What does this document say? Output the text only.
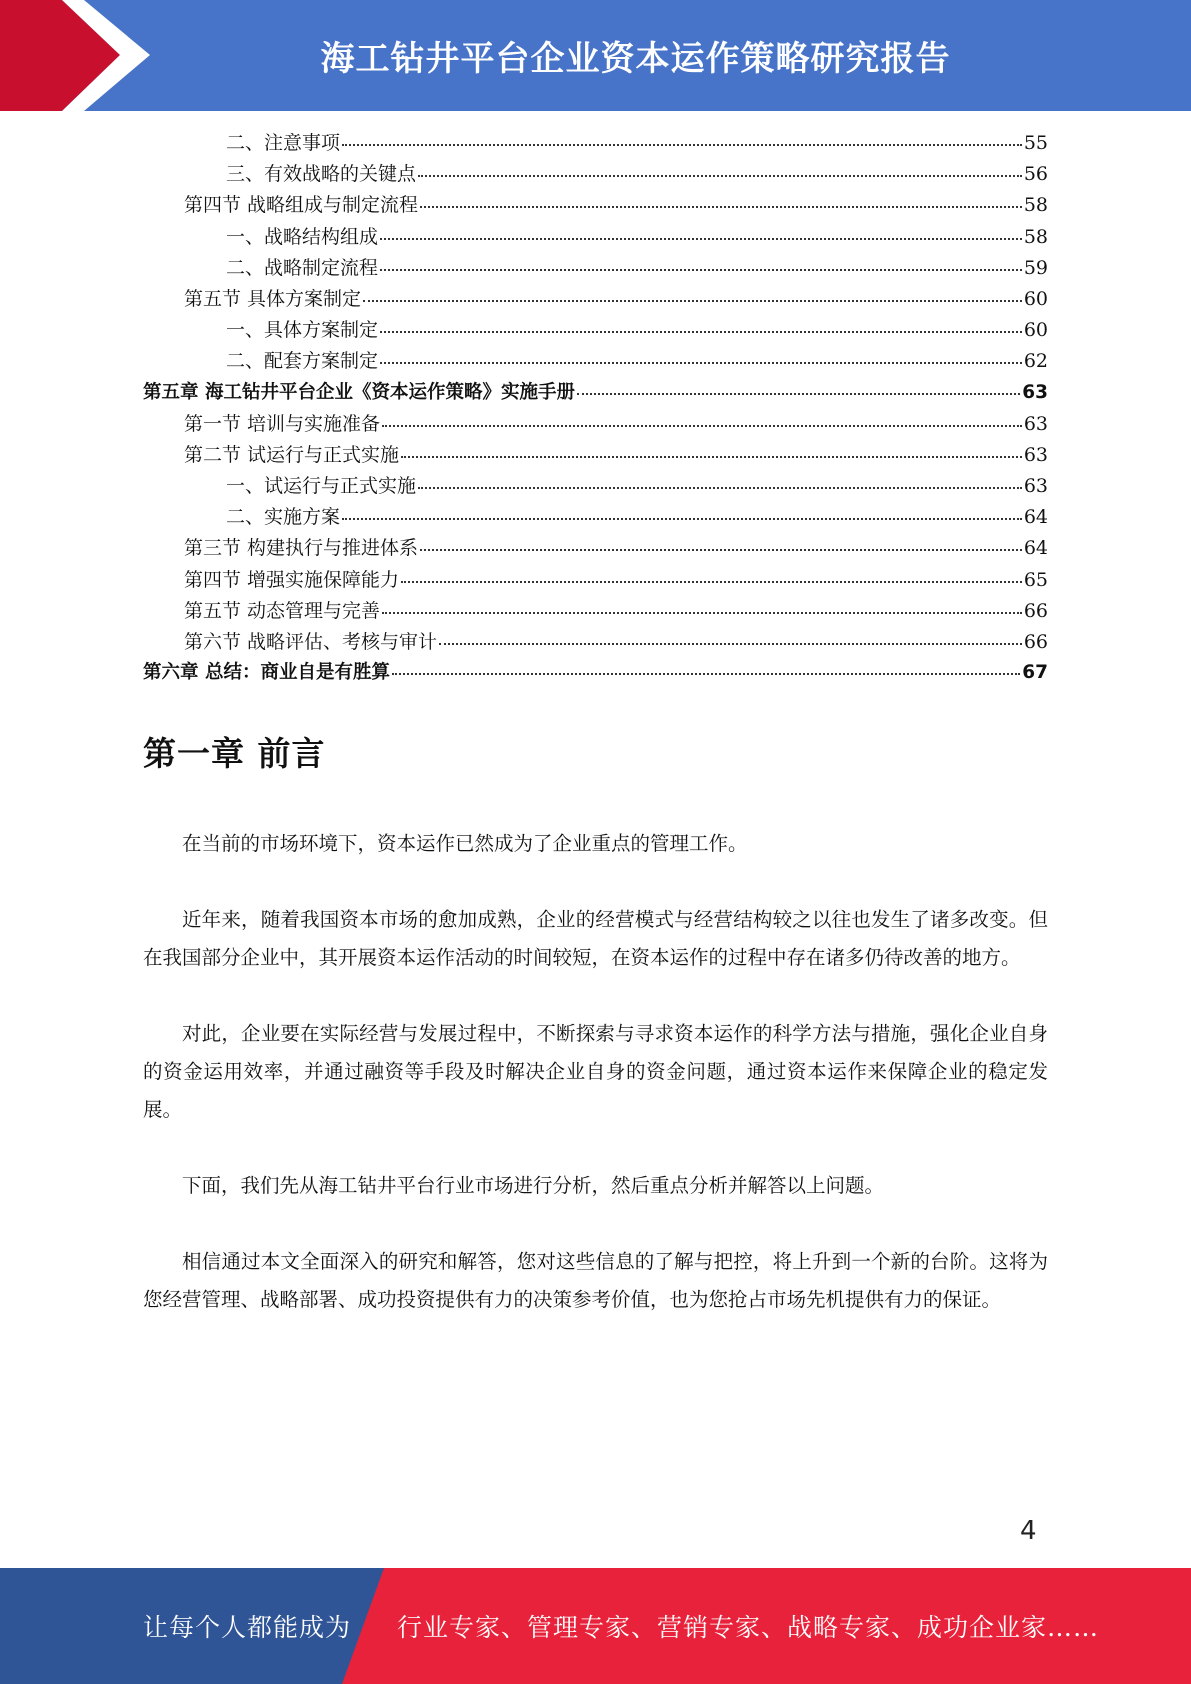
海工钻井平台企业资本运作策略研究报告
二、注意事项	55
三、有效战略的关键点	56
第四节 战略组成与制定流程	58
一、战略结构组成	58
二、战略制定流程	59
第五节 具体方案制定	60
一、具体方案制定	60
二、配套方案制定	62
第五章 海工钻井平台企业《资本运作策略》实施手册	63
第一节 培训与实施准备	63
第二节 试运行与正式实施	63
一、试运行与正式实施	63
二、实施方案	64
第三节 构建执行与推进体系	64
第四节 增强实施保障能力	65
第五节 动态管理与完善	66
第六节 战略评估、考核与审计	66
第六章 总结：商业自是有胜算	67
第一章 前言

在当前的市场环境下，资本运作已然成为了企业重点的管理工作。

近年来，随着我国资本市场的愈加成熟，企业的经营模式与经营结构较之以往也发生了诸多改变。但在我国部分企业中，其开展资本运作活动的时间较短，在资本运作的过程中存在诸多仍待改善的地方。

对此，企业要在实际经营与发展过程中，不断探索与寻求资本运作的科学方法与措施，强化企业自身的资金运用效率，并通过融资等手段及时解决企业自身的资金问题，通过资本运作来保障企业的稳定发展。

下面，我们先从海工钻井平台行业市场进行分析，然后重点分析并解答以上问题。

相信通过本文全面深入的研究和解答，您对这些信息的了解与把控，将上升到一个新的台阶。这将为您经营管理、战略部署、成功投资提供有力的决策参考价值，也为您抢占市场先机提供有力的保证。

4
让每个人都能成为 行业专家、管理专家、营销专家、战略专家、成功企业家……
